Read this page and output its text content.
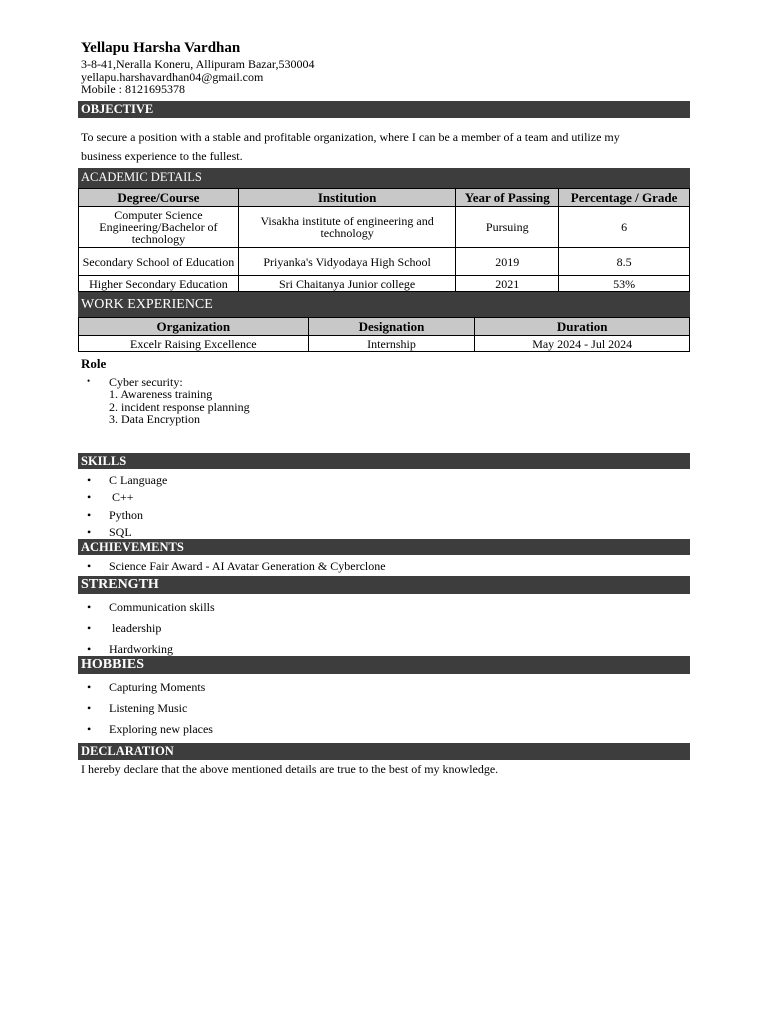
Yellapu Harsha Vardhan
3-8-41,Neralla Koneru, Allipuram Bazar,530004
yellapu.harshavardhan04@gmail.com
Mobile : 8121695378
OBJECTIVE
To secure a position with a stable and profitable organization, where I can be a member of a team and utilize my
business experience to the fullest.
ACADEMIC DETAILS
Degree/Course	Institution	Year of Passing	Percentage / Grade
Computer Science Engineering/Bachelor of technology	Visakha institute of engineering and technology	Pursuing	6
Secondary School of Education	Priyanka's Vidyodaya High School	2019	8.5
Higher Secondary Education	Sri Chaitanya Junior college	2021	53%
WORK EXPERIENCE
Organization	Designation	Duration
Excelr Raising Excellence	Internship	May 2024 - Jul 2024
Role
• Cyber security:
1. Awareness training
2. incident response planning
3. Data Encryption
SKILLS
• C Language
• C++
• Python
• SQL
ACHIEVEMENTS
• Science Fair Award - AI Avatar Generation & Cyberclone
STRENGTH
• Communication skills
• leadership
• Hardworking
HOBBIES
• Capturing Moments
• Listening Music
• Exploring new places
DECLARATION
I hereby declare that the above mentioned details are true to the best of my knowledge.
